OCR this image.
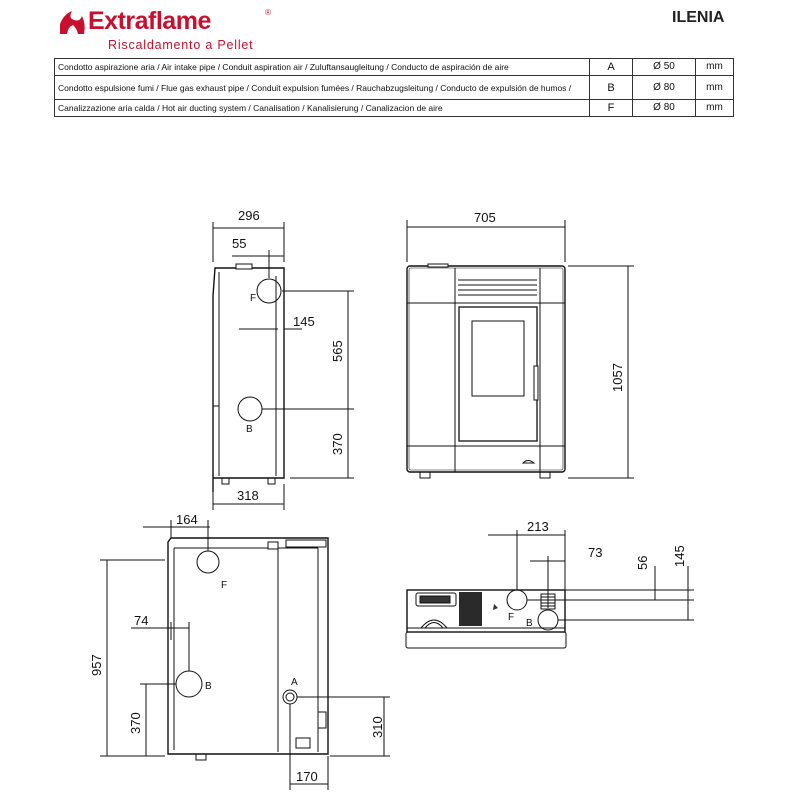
Extraflame	®
Riscaldamento a Pellet
ILENIA
Condotto aspirazione aria / Air intake pipe / Conduit aspiration air / Zuluftansaugleitung / Conducto de aspiración de aire	A	Ø 50	mm
Condotto espulsione fumi / Flue gas exhaust pipe / Conduit expulsion fumées / Rauchabzugsleitung / Conducto de expulsión de humos /	B	Ø 80	mm
Canalizzazione aria calda / Hot air ducting system / Canalisation / Kanalisierung / Canalizacion de aire	F	Ø 80	mm
296
55
145
565
370
318
F
B
705
1057
164
74
957
370	310
170
F
B	A
213
73
56 145
F
B
